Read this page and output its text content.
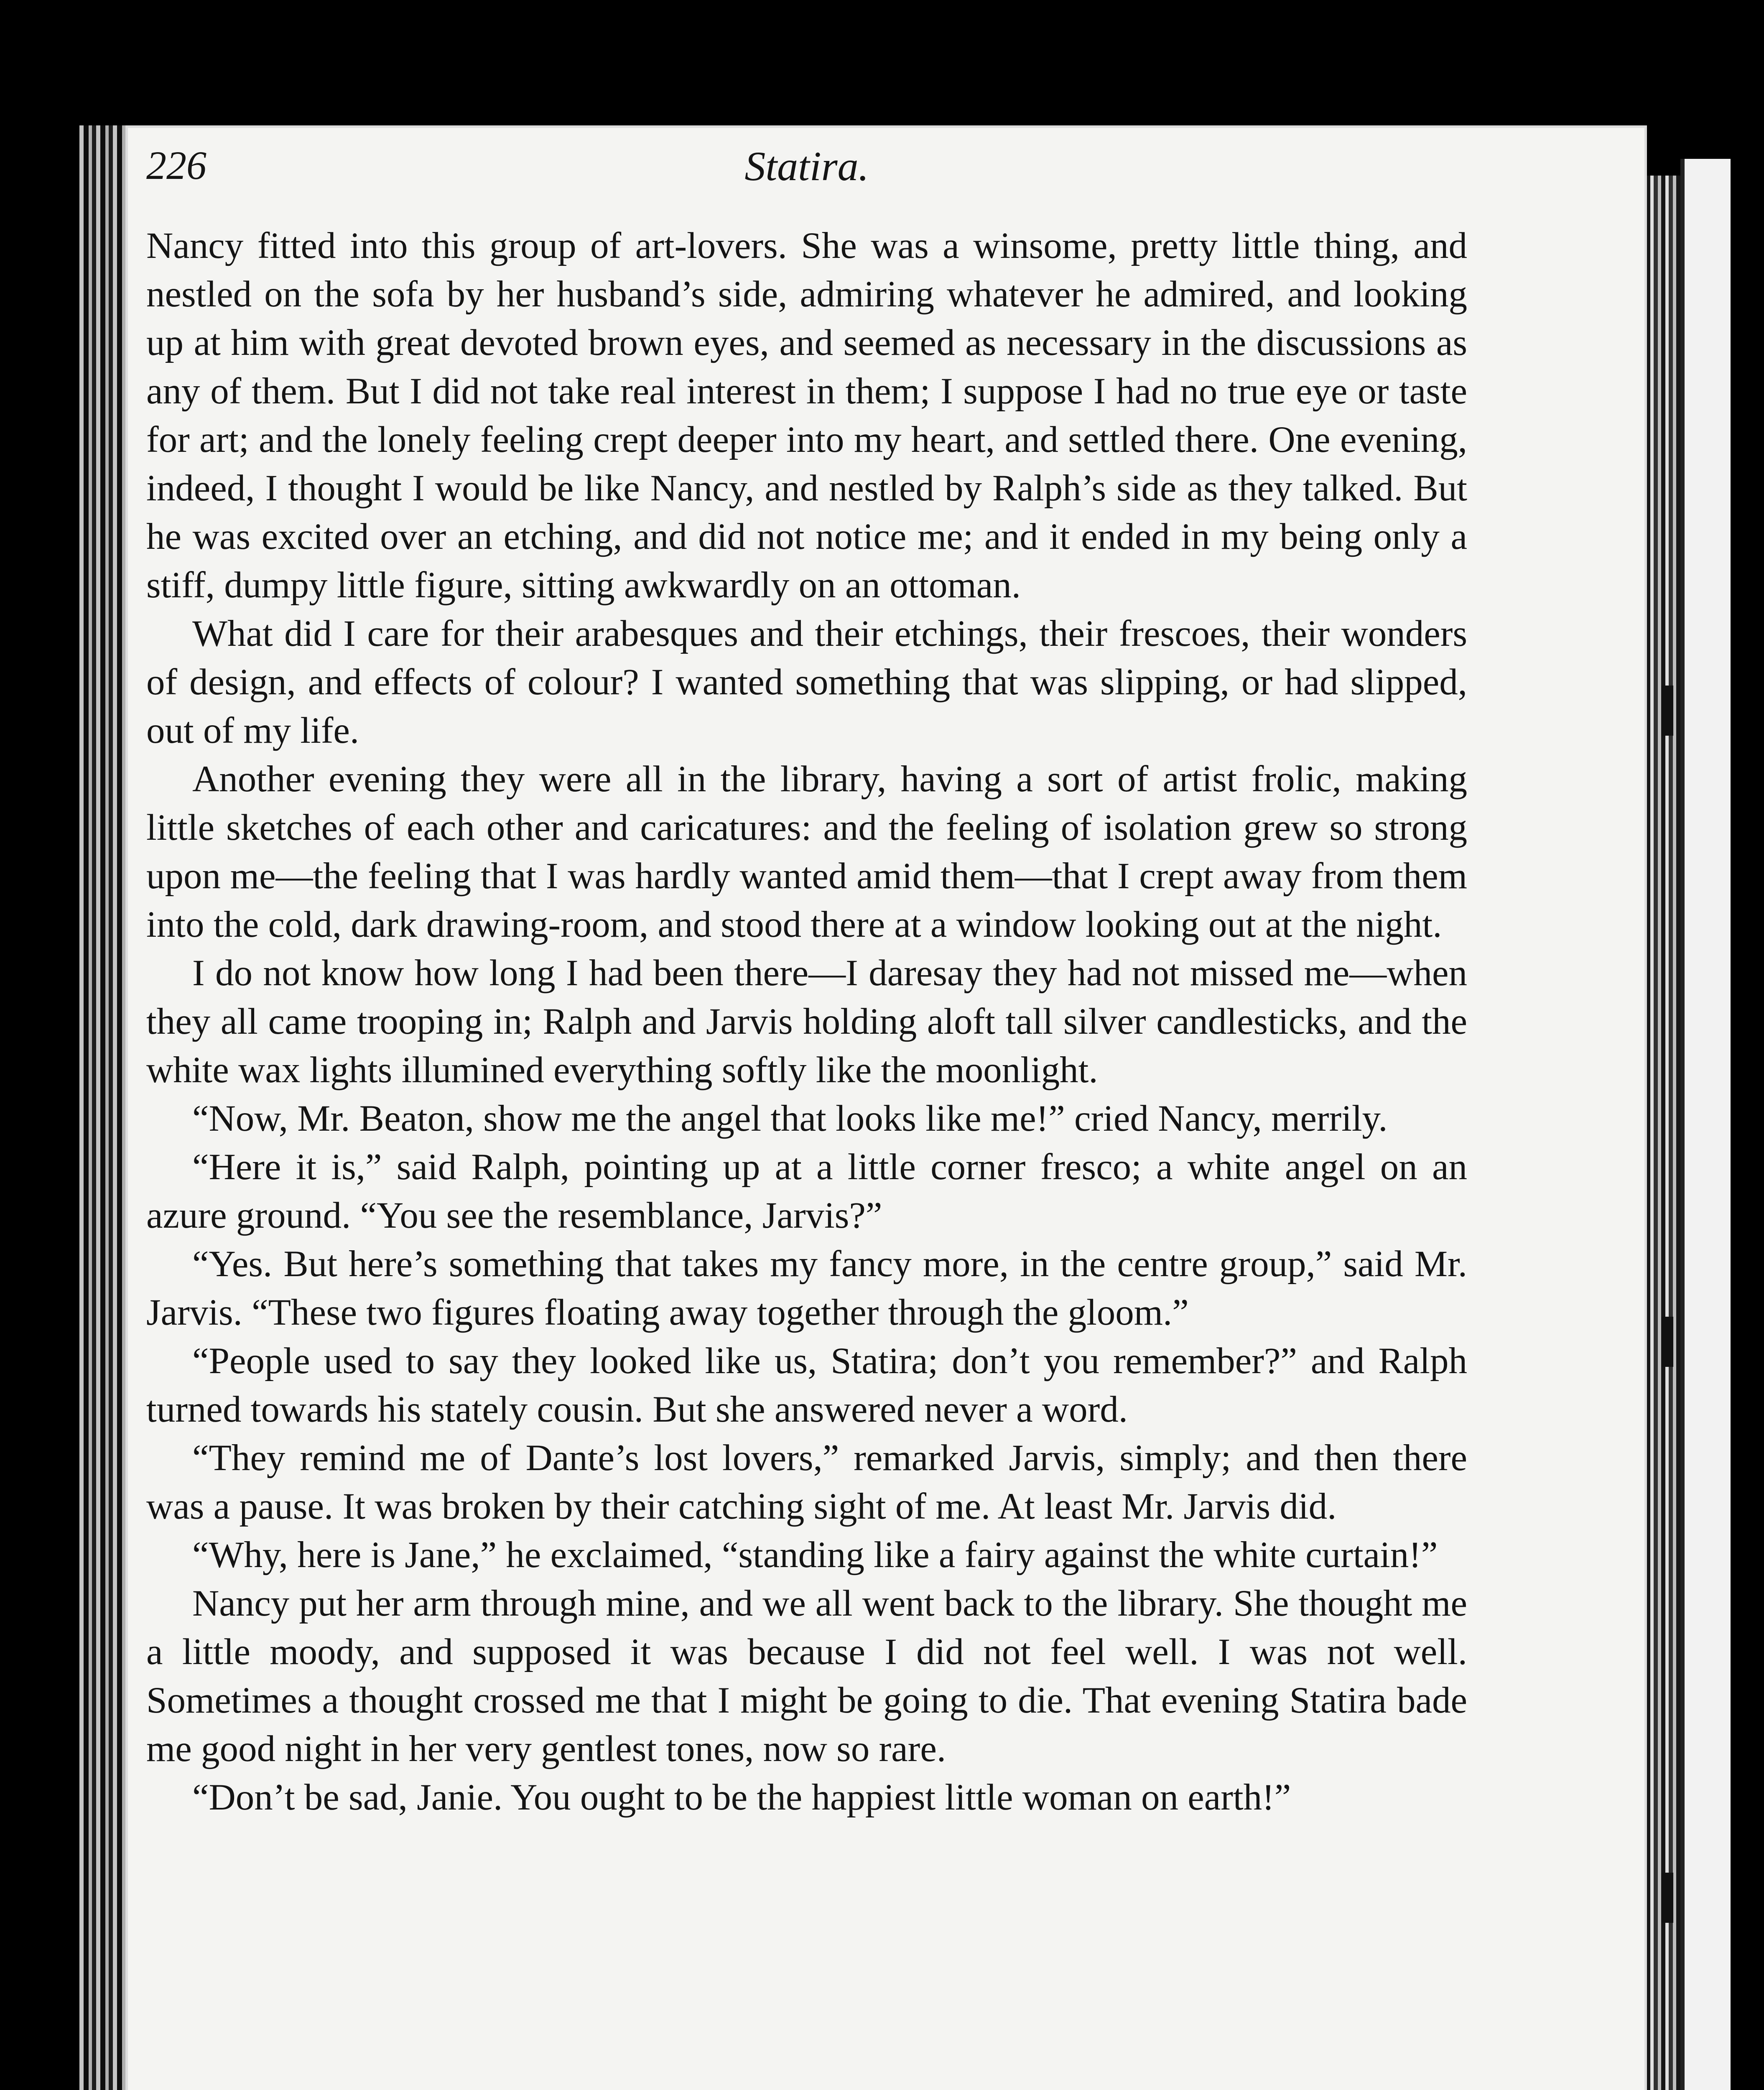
226	Statira.

Nancy fitted into this group of art-lovers. She was a winsome, pretty little thing, and nestled on the sofa by her husband’s side, admiring whatever he admired, and looking up at him with great devoted brown eyes, and seemed as necessary in the discussions as any of them. But I did not take real interest in them; I suppose I had no true eye or taste for art; and the lonely feeling crept deeper into my heart, and settled there. One evening, indeed, I thought I would be like Nancy, and nestled by Ralph’s side as they talked. But he was excited over an etching, and did not notice me; and it ended in my being only a stiff, dumpy little figure, sitting awkwardly on an ottoman.

What did I care for their arabesques and their etchings, their frescoes, their wonders of design, and effects of colour? I wanted something that was slipping, or had slipped, out of my life.

Another evening they were all in the library, having a sort of artist frolic, making little sketches of each other and caricatures: and the feeling of isolation grew so strong upon me—the feeling that I was hardly wanted amid them—that I crept away from them into the cold, dark drawing-room, and stood there at a window looking out at the night.

I do not know how long I had been there—I daresay they had not missed me—when they all came trooping in; Ralph and Jarvis holding aloft tall silver candlesticks, and the white wax lights illumined everything softly like the moonlight.

“Now, Mr. Beaton, show me the angel that looks like me!” cried Nancy, merrily.

“Here it is,” said Ralph, pointing up at a little corner fresco; a white angel on an azure ground. “You see the resemblance, Jarvis?”

“Yes. But here’s something that takes my fancy more, in the centre group,” said Mr. Jarvis. “These two figures floating away together through the gloom.”

“People used to say they looked like us, Statira; don’t you remember?” and Ralph turned towards his stately cousin. But she answered never a word.

“They remind me of Dante’s lost lovers,” remarked Jarvis, simply; and then there was a pause. It was broken by their catching sight of me. At least Mr. Jarvis did.

“Why, here is Jane,” he exclaimed, “standing like a fairy against the white curtain!”

Nancy put her arm through mine, and we all went back to the library. She thought me a little moody, and supposed it was because I did not feel well. I was not well. Sometimes a thought crossed me that I might be going to die. That evening Statira bade me good night in her very gentlest tones, now so rare.

“Don’t be sad, Janie. You ought to be the happiest little woman on earth!”
